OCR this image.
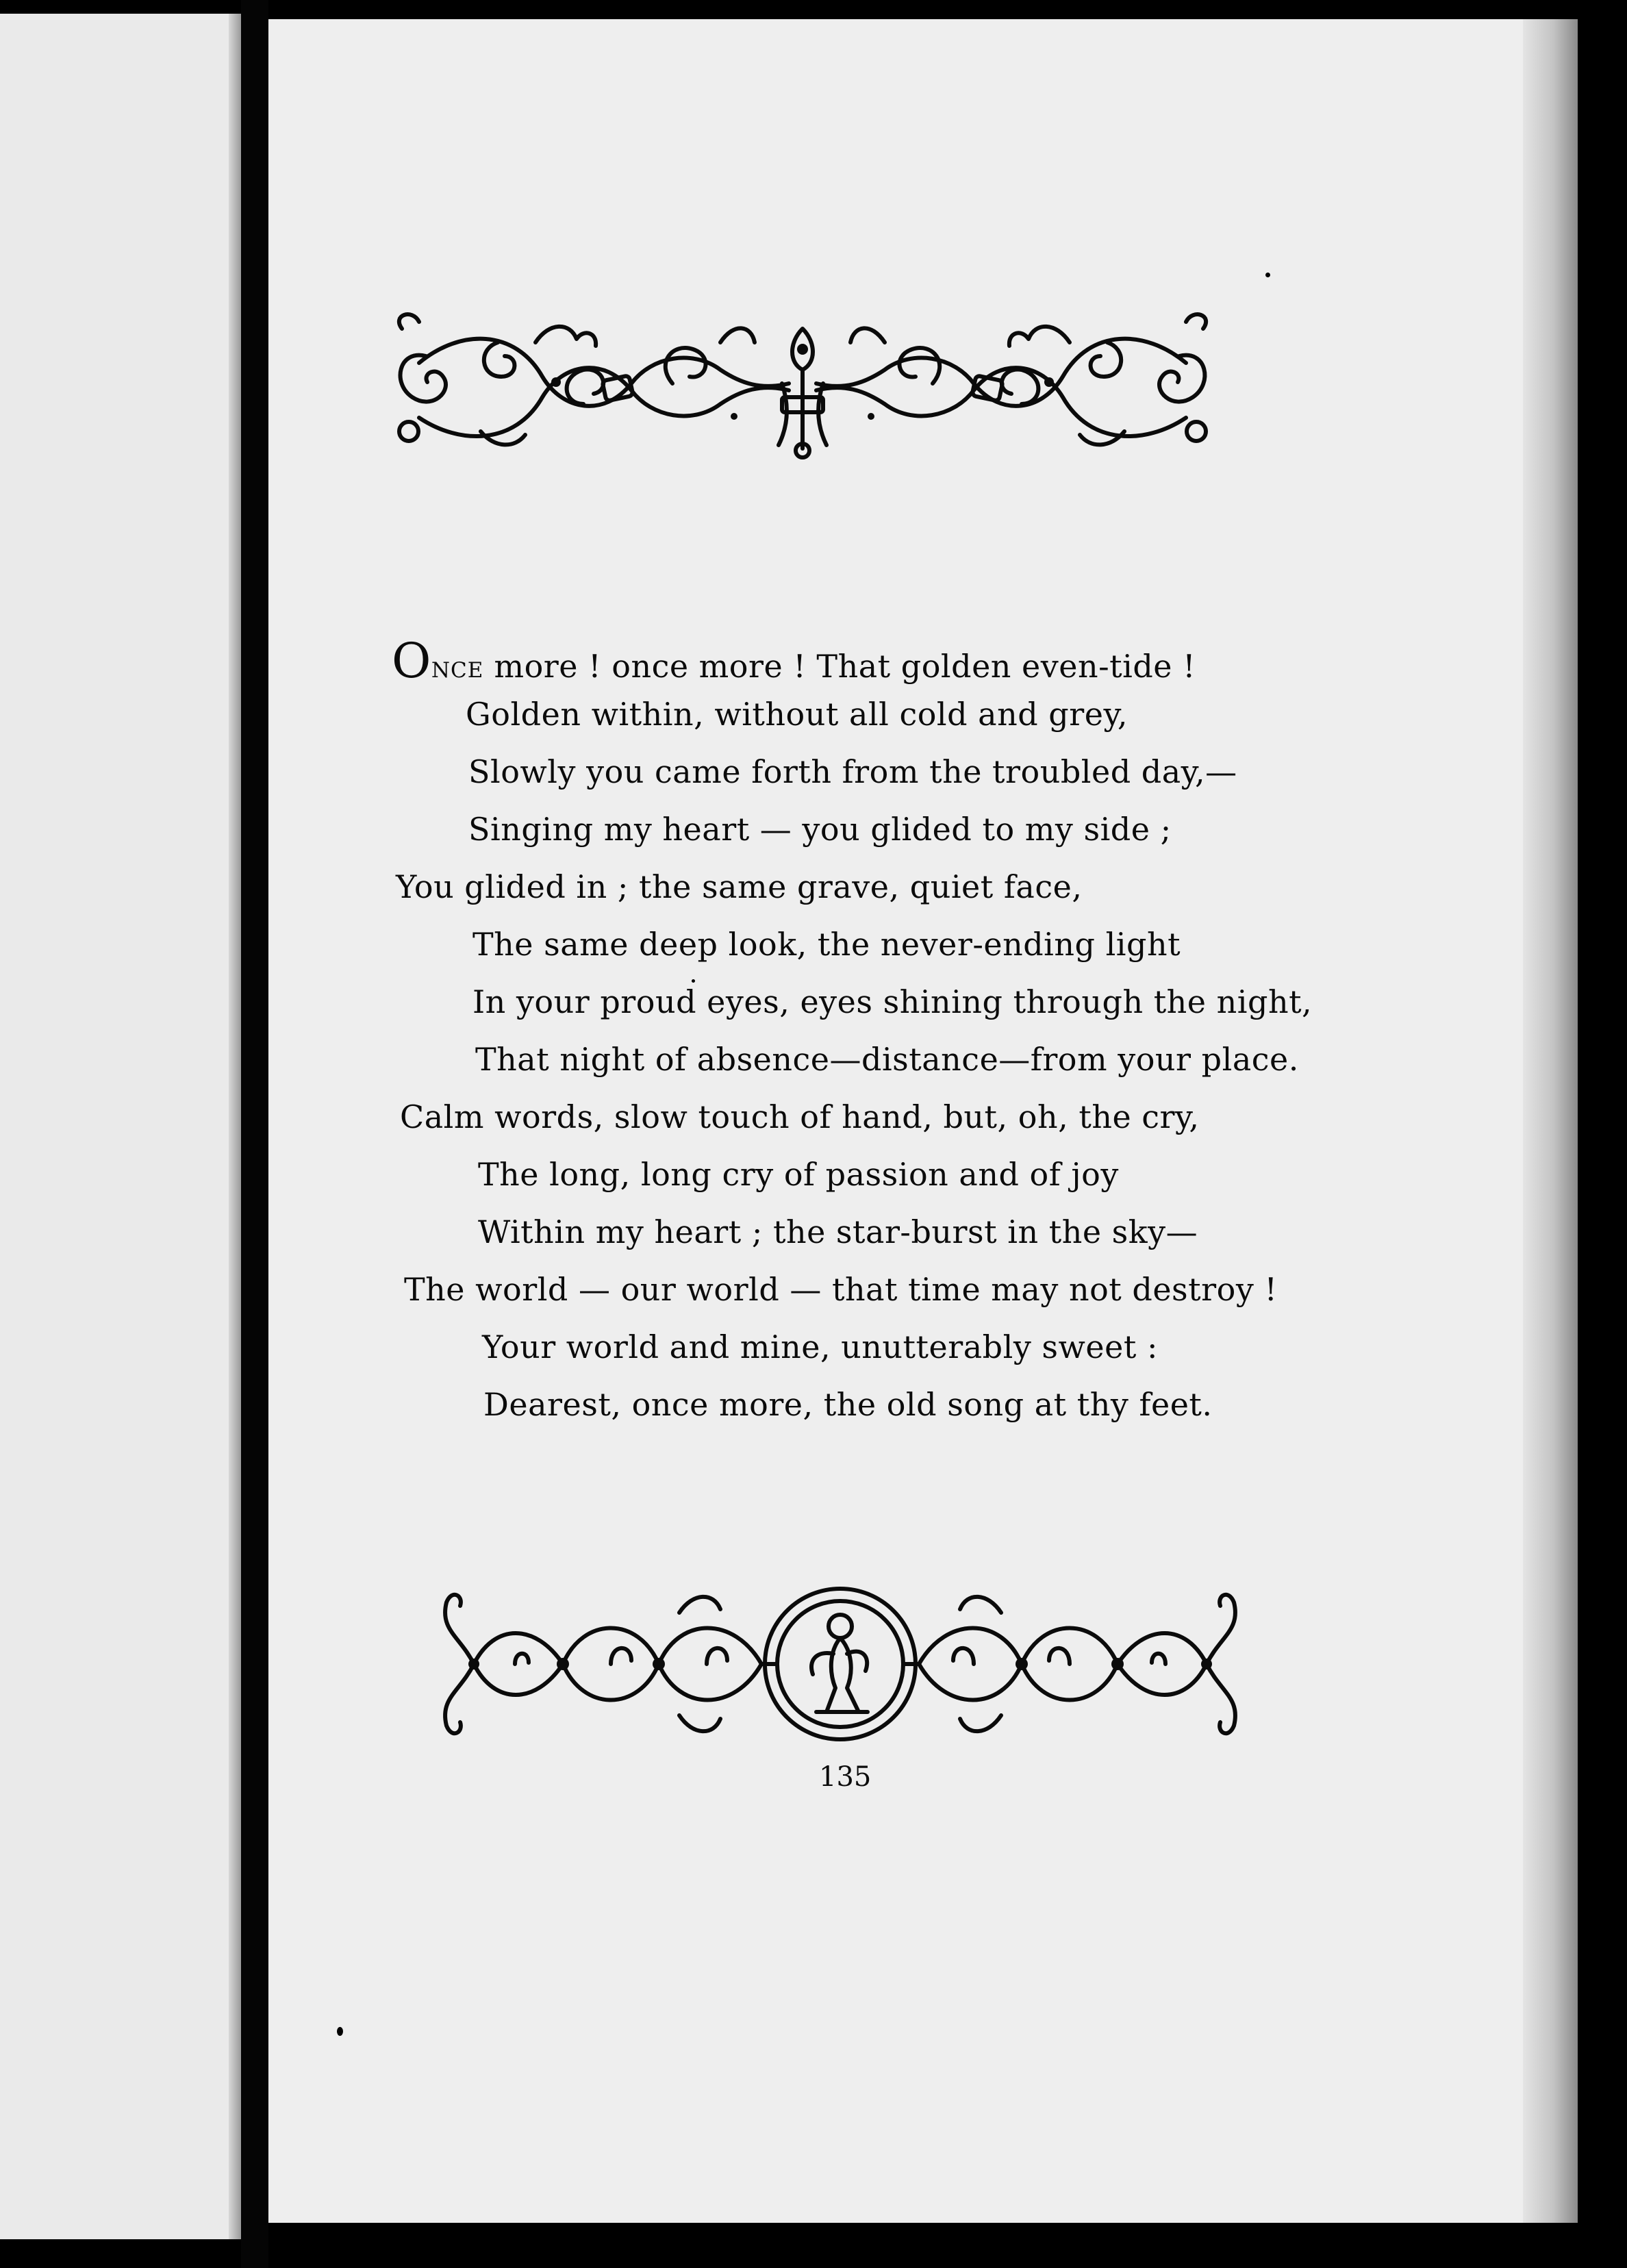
ONCE more ! once more ! That golden even-tide !
Golden within, without all cold and grey,
Slowly you came forth from the troubled day,—
Singing my heart — you glided to my side ;
You glided in ; the same grave, quiet face,
The same deep look, the never-ending light
In your proud eyes, eyes shining through the night,
That night of absence—distance—from your place.
Calm words, slow touch of hand, but, oh, the cry,
The long, long cry of passion and of joy
Within my heart ; the star-burst in the sky—
The world — our world — that time may not destroy !
Your world and mine, unutterably sweet :
Dearest, once more, the old song at thy feet.
135
